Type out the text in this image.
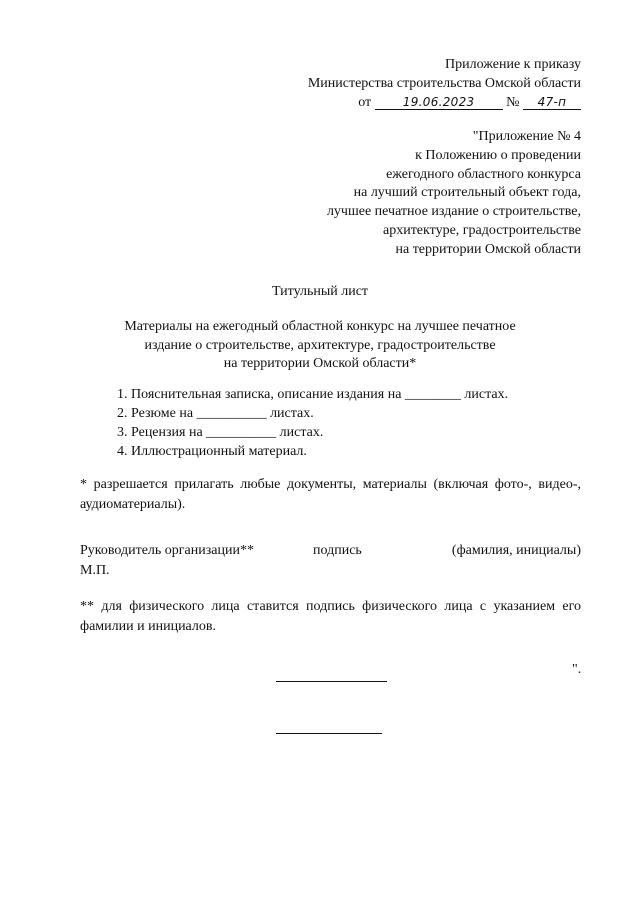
Приложение к приказу
Министерства строительства Омской области
от	19.06.2023 № 47-п
"Приложение № 4
к Положению о проведении
ежегодного областного конкурса
на лучший строительный объект года,
лучшее печатное издание о строительстве,
архитектуре, градостроительстве
на территории Омской области
Титульный лист
Материалы на ежегодный областной конкурс на лучшее печатное
издание о строительстве, архитектуре, градостроительстве
на территории Омской области*
1. Пояснительная записка, описание издания на ________ листах.
2. Резюме на __________ листах.
3. Рецензия на __________ листах.
4. Иллюстрационный материал.
* разрешается прилагать любые документы, материалы (включая фото-, видео-, аудиоматериалы).
Руководитель организации**	подпись	(фамилия, инициалы)
М.П.
** для физического лица ставится подпись физического лица с указанием его фамилии и инициалов.
".
